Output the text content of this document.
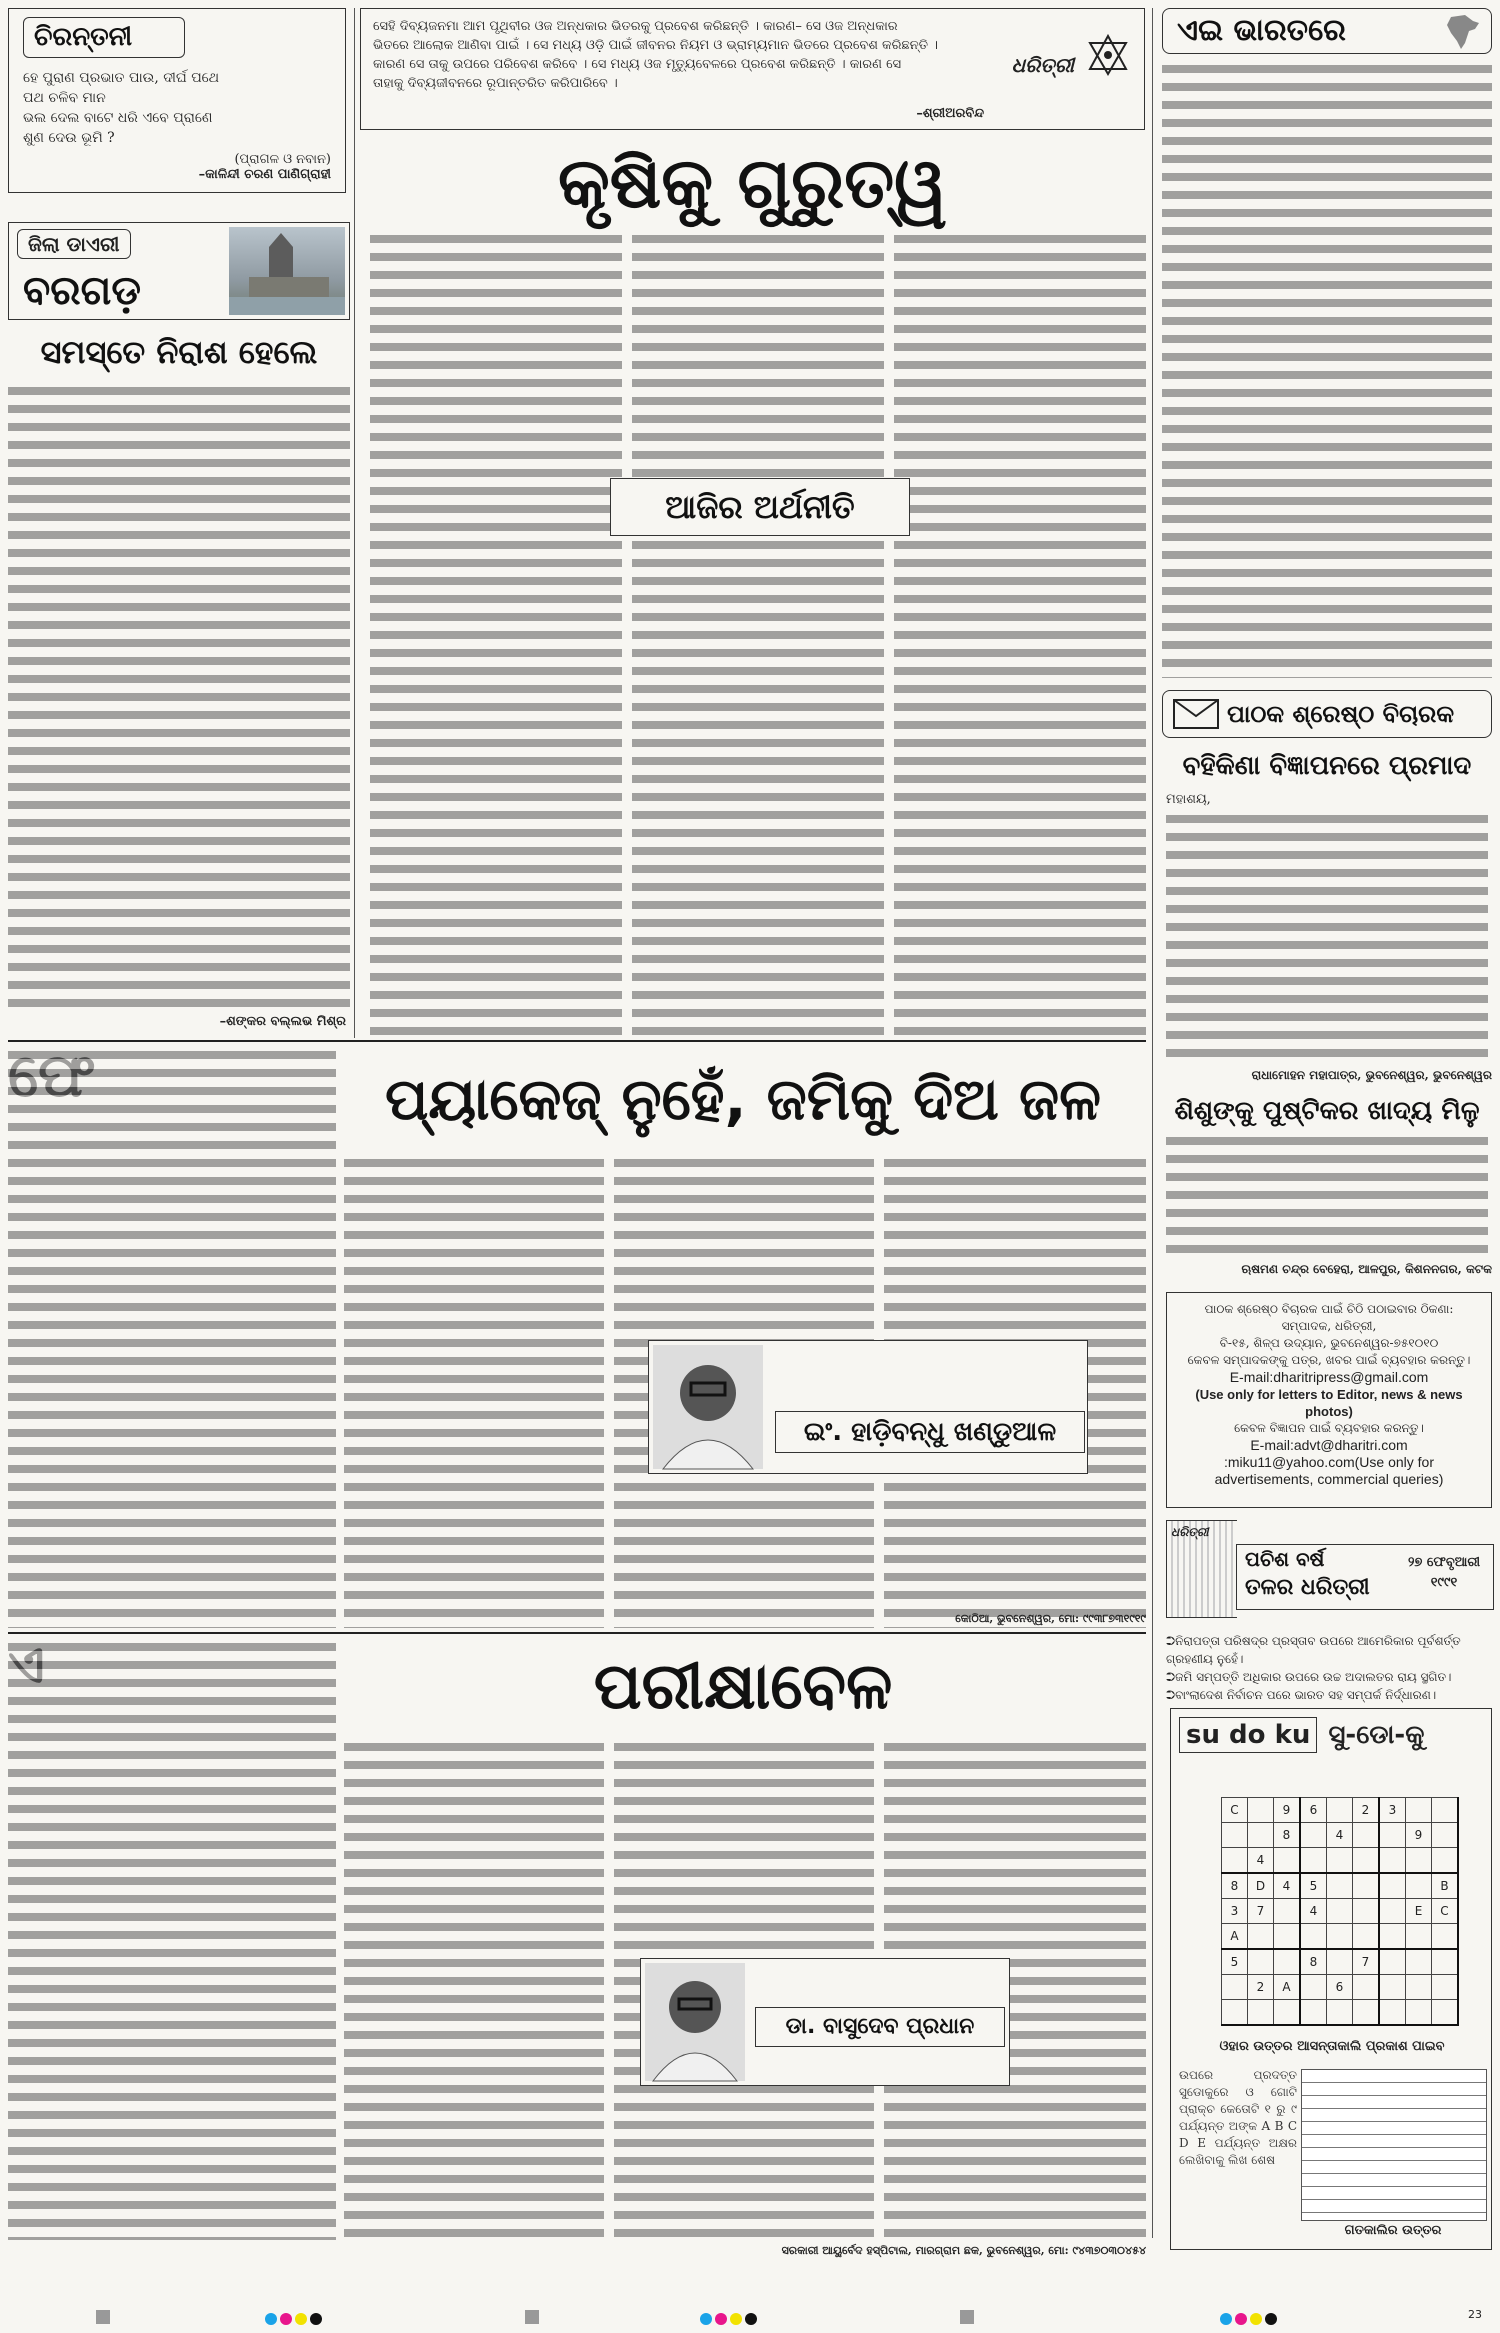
ଚିରନ୍ତନୀ
ହେ ପୁରାଣ ପ୍ରଭାତ ପାଉ, ଦୀର୍ଘ ପଥେ
ପଥ ଚଳିବ ମାନ
ଭଲ ଦେଲ ବାଟେ ଧରି ଏବେ ପ୍ରାଣେ
ଶୁଣ ଦେଉ ଭୂମି ?
(ପ୍ରାଗଳ ଓ ନବାନ)
–କାଳିନ୍ଦୀ ଚରଣ ପାଣିଗ୍ରାହୀ
ସେହି ଦିବ୍ୟଜନମା ଆମ ପୃଥିବୀର ଓଜ ଅନ୍ଧକାର ଭିତରକୁ ପ୍ରବେଶ କରିଛନ୍ତି । କାରଣ– ସେ ଓଜ ଅନ୍ଧକାର
ଭିତରେ ଆଲୋକ ଆଣିବା ପାଇଁ । ସେ ମଧ୍ୟ ଓଡ଼ି ପାଇଁ ଜୀବନର ନିୟମ ଓ ଭ୍ରାମ୍ୟମାନ ଭିତରେ ପ୍ରବେଶ କରିଛନ୍ତି ।
କାରଣ ସେ ତାକୁ ଉପରେ ପରିବେଶ କରିବେ । ସେ ମଧ୍ୟ ଓଜ ମୃତ୍ୟୁବେଳରେ ପ୍ରବେଶ କରିଛନ୍ତି । କାରଣ ସେ
ତାହାକୁ ଦିବ୍ୟଜୀବନରେ ରୂପାନ୍ତରିତ କରିପାରିବେ ।
–ଶ୍ରୀଅରବିନ୍ଦ
ଧରିତ୍ରୀ
ଏଇ ଭାରତରେ
ଜିଲା ଡାଏରୀ
ବରଗଡ଼
ସମସ୍ତେ ନିରାଶ ହେଲେ
–ଶଙ୍କର ବଲ୍ଲଭ ମିଶ୍ର
କୃଷିକୁ ଗୁରୁତ୍ୱ
ଆଜିର ଅର୍ଥନୀତି
ପାଠକ ଶ୍ରେଷ୍ଠ ବିଚାରକ
ବହିକିଣା ବିଜ୍ଞାପନରେ ପ୍ରମାଦ
ମହାଶୟ,
ରାଧାମୋହନ ମହାପାତ୍ର, ଭୁବନେଶ୍ୱର, ଭୁବନେଶ୍ୱର
ଶିଶୁଙ୍କୁ ପୁଷ୍ଟିକର ଖାଦ୍ୟ ମିଳୁ
ଋଷମଣ ଚନ୍ଦ୍ର ବେହେରା, ଆଳପୁର, କିଶନନଗର, କଟକ
ପାଠକ ଶ୍ରେଷ୍ଠ ବିଚାରକ ପାଇଁ ଚିଠି ପଠାଇବାର ଠିକଣା:
ସମ୍ପାଦକ, ଧରିତ୍ରୀ,
ବି-୧୫, ଶିଳ୍ପ ଉଦ୍ୟାନ, ଭୁବନେଶ୍ୱର-୭୫୧୦୧୦
କେବଳ ସମ୍ପାଦକଙ୍କୁ ପତ୍ର, ଖବର ପାଇଁ ବ୍ୟବହାର କରନ୍ତୁ।
E-mail:dharitripress@gmail.com
(Use only for letters to Editor, news & news photos)
କେବଳ ବିଜ୍ଞାପନ ପାଇଁ ବ୍ୟବହାର କରନ୍ତୁ।
E-mail:advt@dharitri.com
:miku11@yahoo.com(Use only for
advertisements, commercial queries)
ଧରିତ୍ରୀ
ପଚିଶ ବର୍ଷ
ତଳର ଧରିତ୍ରୀ
୨୭ ଫେବୃଆରୀ ୧୯୯୧
➲ନିରାପତ୍ତା ପରିଷଦ୍ର ପ୍ରସ୍ତାବ ଉପରେ ଆମେରିକାର ପୂର୍ବଶର୍ତ୍ତ ଗ୍ରହଣୀୟ ନୁହେଁ।
➲ଜମି ସମ୍ପତ୍ତି ଅଧିକାର ଉପରେ ଉଚ୍ଚ ଅଦାଲତର ରାୟ ସ୍ଥଗିତ।
➲ବାଂଲାଦେଶ ନିର୍ବାଚନ ପରେ ଭାରତ ସହ ସମ୍ପର୍କ ନିର୍ଦ୍ଧାରଣ।
ପ୍ୟାକେଜ୍ ନୁହେଁ, ଜମିକୁ ଦିଅ ଜଳ
ଇଂ. ହାଡ଼ିବନ୍ଧୁ ଖଣ୍ଡୁଆଳ
କୋଠିଆ, ଭୁବନେଶ୍ୱର, ମୋ: ୯୯୩୮୭୩୧୯୧୯
ପରୀକ୍ଷାବେଳ
ଡା. ବାସୁଦେବ ପ୍ରଧାନ
ସରକାରୀ ଆୟୁର୍ବେଦ ହସ୍ପିଟାଲ, ମାରଗ୍ରାମ ଛକ, ଭୁବନେଶ୍ୱର, ମୋ: ୯୪୩୭୦୩୦୪୫୪
su do ku ସୁ-ଡୋ-କୁ
C		9	6		2	3		
		8		4			9	
	4							
8	D	4	5					B
3	7		4				E	C
A								
5			8		7			
	2	A		6				

ଓହାର ଉତ୍ତର ଆସନ୍ତାକାଲି ପ୍ରକାଶ ପାଇବ
ଉପରେ ପ୍ରଦତ୍ତ ସୁଡୋକୁରେ ଓ ଗୋଟି ପ୍ରାକ୍ଚ କେତୋଟି ୧ ରୁ ୯ ପର୍ଯ୍ୟନ୍ତ ଅଙ୍କ A B C D E ପର୍ଯ୍ୟନ୍ତ ଅକ୍ଷର ଲେଖିବାକୁ ଲିଖ ଶେଷ
ଗତକାଲିର ଉତ୍ତର
23
